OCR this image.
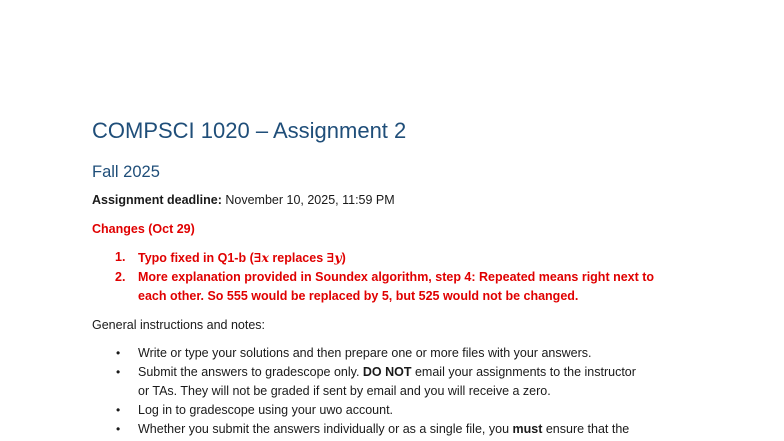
COMPSCI 1020 – Assignment 2
Fall 2025

Assignment deadline: November 10, 2025, 11:59 PM

Changes (Oct 29)

1. Typo fixed in Q1-b (∃x replaces ∃y)
2. More explanation provided in Soundex algorithm, step 4: Repeated means right next to
each other. So 555 would be replaced by 5, but 525 would not be changed.

General instructions and notes:

• Write or type your solutions and then prepare one or more files with your answers.
• Submit the answers to gradescope only. DO NOT email your assignments to the instructor
or TAs. They will not be graded if sent by email and you will receive a zero.
• Log in to gradescope using your uwo account.
• Whether you submit the answers individually or as a single file, you must ensure that the
